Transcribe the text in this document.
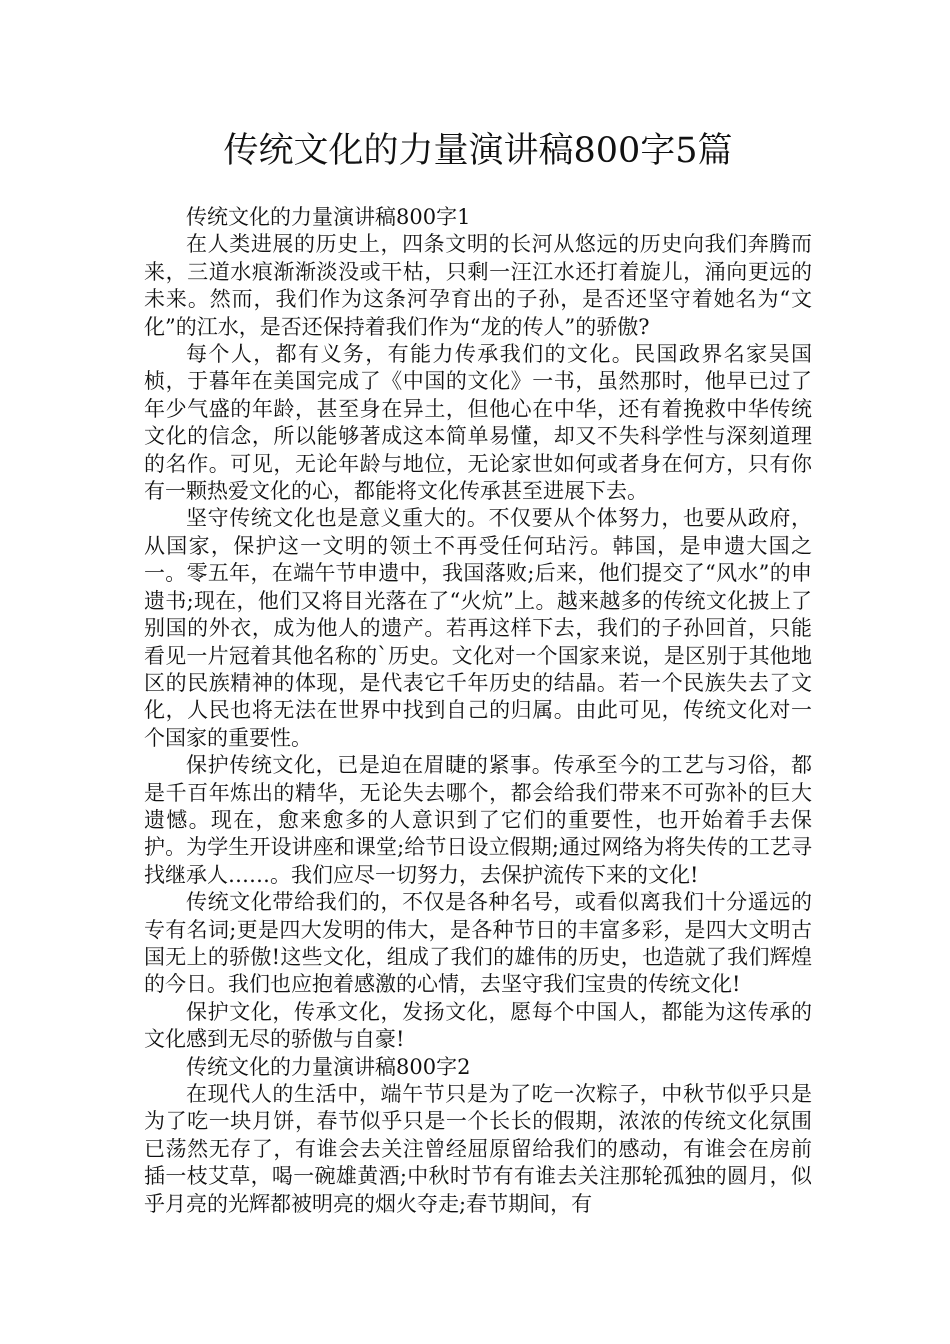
传统文化的力量演讲稿800字5篇

传统文化的力量演讲稿800字1

在人类进展的历史上，四条文明的长河从悠远的历史向我们奔腾而来，三道水痕渐渐淡没或干枯，只剩一汪江水还打着旋儿，涌向更远的未来。然而，我们作为这条河孕育出的子孙，是否还坚守着她名为“文化”的江水，是否还保持着我们作为“龙的传人”的骄傲?

每个人，都有义务，有能力传承我们的文化。民国政界名家吴国桢，于暮年在美国完成了《中国的文化》一书，虽然那时，他早已过了年少气盛的年龄，甚至身在异土，但他心在中华，还有着挽救中华传统文化的信念，所以能够著成这本简单易懂，却又不失科学性与深刻道理的名作。可见，无论年龄与地位，无论家世如何或者身在何方，只有你有一颗热爱文化的心，都能将文化传承甚至进展下去。

坚守传统文化也是意义重大的。不仅要从个体努力，也要从政府，从国家，保护这一文明的领土不再受任何玷污。韩国，是申遗大国之一。零五年，在端午节申遗中，我国落败;后来，他们提交了“风水”的申遗书;现在，他们又将目光落在了“火炕”上。越来越多的传统文化披上了别国的外衣，成为他人的遗产。若再这样下去，我们的子孙回首，只能看见一片冠着其他名称的`历史。文化对一个国家来说，是区别于其他地区的民族精神的体现，是代表它千年历史的结晶。若一个民族失去了文化，人民也将无法在世界中找到自己的归属。由此可见，传统文化对一个国家的重要性。

保护传统文化，已是迫在眉睫的紧事。传承至今的工艺与习俗，都是千百年炼出的精华，无论失去哪个，都会给我们带来不可弥补的巨大遗憾。现在，愈来愈多的人意识到了它们的重要性，也开始着手去保护。为学生开设讲座和课堂;给节日设立假期;通过网络为将失传的工艺寻找继承人……。我们应尽一切努力，去保护流传下来的文化!

传统文化带给我们的，不仅是各种名号，或看似离我们十分遥远的专有名词;更是四大发明的伟大，是各种节日的丰富多彩，是四大文明古国无上的骄傲!这些文化，组成了我们的雄伟的历史，也造就了我们辉煌的今日。我们也应抱着感激的心情，去坚守我们宝贵的传统文化!

保护文化，传承文化，发扬文化，愿每个中国人，都能为这传承的文化感到无尽的骄傲与自豪!

传统文化的力量演讲稿800字2

在现代人的生活中，端午节只是为了吃一次粽子，中秋节似乎只是为了吃一块月饼，春节似乎只是一个长长的假期，浓浓的传统文化氛围已荡然无存了，有谁会去关注曾经屈原留给我们的感动，有谁会在房前插一枝艾草，喝一碗雄黄酒;中秋时节有有谁去关注那轮孤独的圆月，似乎月亮的光辉都被明亮的烟火夺走;春节期间，有
